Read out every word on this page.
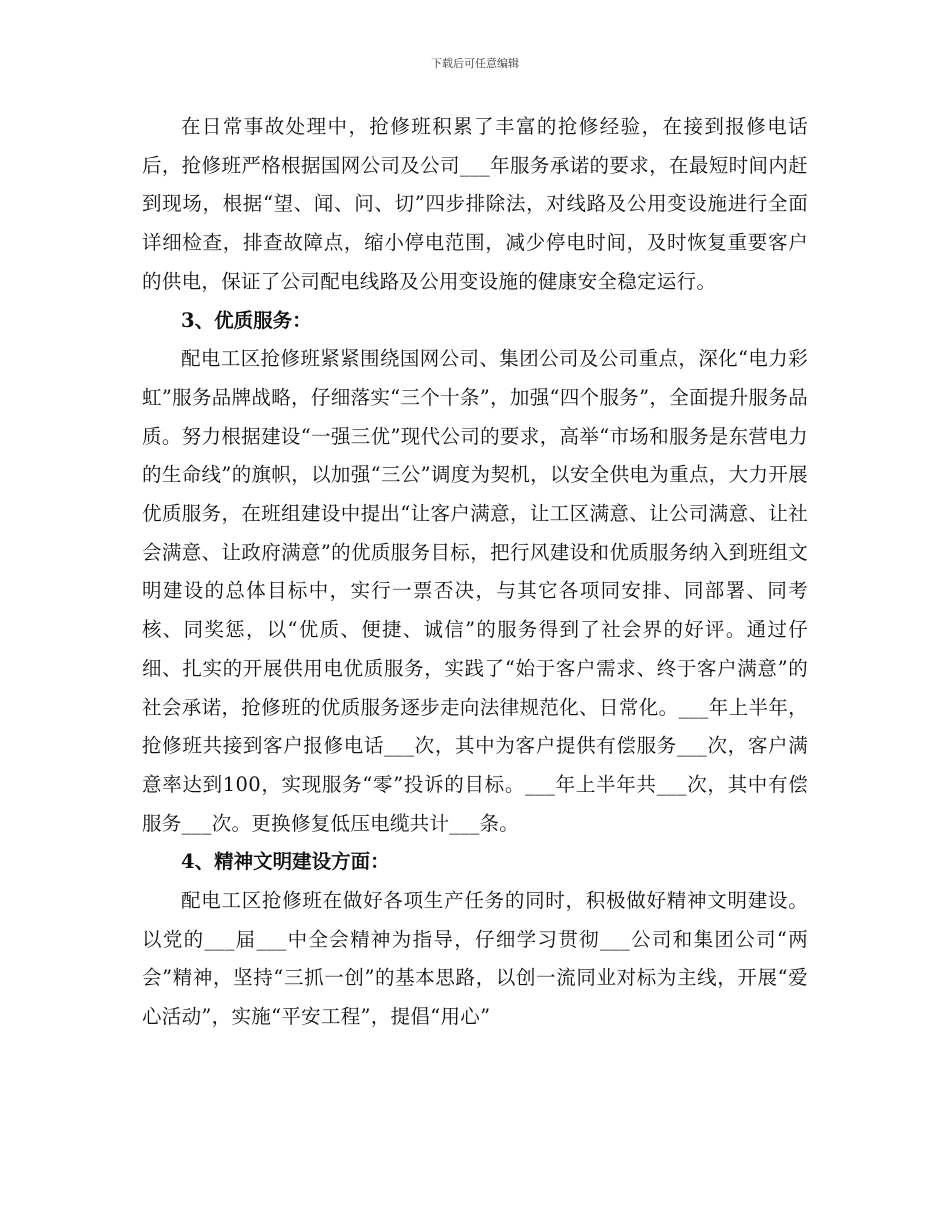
下载后可任意编辑

在日常事故处理中，抢修班积累了丰富的抢修经验，在接到报修电话后，抢修班严格根据国网公司及公司___年服务承诺的要求，在最短时间内赶到现场，根据“望、闻、问、切”四步排除法，对线路及公用变设施进行全面详细检查，排查故障点，缩小停电范围，减少停电时间，及时恢复重要客户的供电，保证了公司配电线路及公用变设施的健康安全稳定运行。

3、优质服务：

配电工区抢修班紧紧围绕国网公司、集团公司及公司重点，深化“电力彩虹”服务品牌战略，仔细落实“三个十条”，加强“四个服务”，全面提升服务品质。努力根据建设“一强三优”现代公司的要求，高举“市场和服务是东营电力的生命线”的旗帜，以加强“三公”调度为契机，以安全供电为重点，大力开展优质服务，在班组建设中提出“让客户满意，让工区满意、让公司满意、让社会满意、让政府满意”的优质服务目标，把行风建设和优质服务纳入到班组文明建设的总体目标中，实行一票否决，与其它各项同安排、同部署、同考核、同奖惩，以“优质、便捷、诚信”的服务得到了社会界的好评。通过仔细、扎实的开展供用电优质服务，实践了“始于客户需求、终于客户满意”的社会承诺，抢修班的优质服务逐步走向法律规范化、日常化。___年上半年，抢修班共接到客户报修电话___次，其中为客户提供有偿服务___次，客户满意率达到100，实现服务“零”投诉的目标。___年上半年共___次，其中有偿服务___次。更换修复低压电缆共计___条。

4、精神文明建设方面：

配电工区抢修班在做好各项生产任务的同时，积极做好精神文明建设。以党的___届___中全会精神为指导，仔细学习贯彻___公司和集团公司“两会”精神，坚持“三抓一创”的基本思路，以创一流同业对标为主线，开展“爱心活动”，实施“平安工程”，提倡“用心”
